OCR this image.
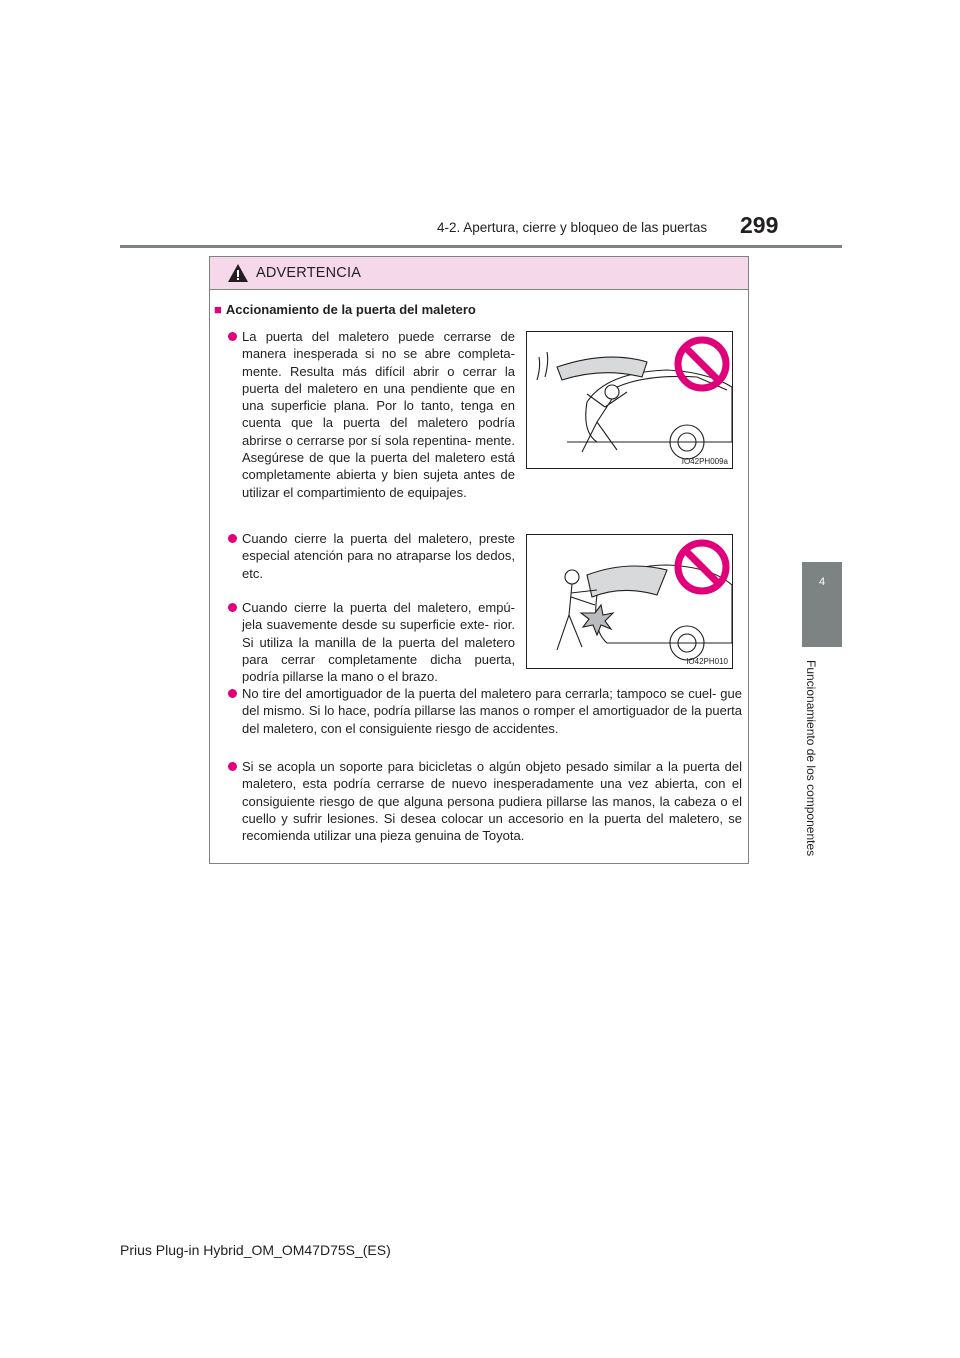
4-2. Apertura, cierre y bloqueo de las puertas 299
4
Funcionamiento de los componentes
ADVERTENCIA
■ Accionamiento de la puerta del maletero
La puerta del maletero puede cerrarse de manera inesperada si no se abre completa- mente. Resulta más difícil abrir o cerrar la puerta del maletero en una pendiente que en una superficie plana. Por lo tanto, tenga en cuenta que la puerta del maletero podría abrirse o cerrarse por sí sola repentina- mente. Asegúrese de que la puerta del maletero está completamente abierta y bien sujeta antes de utilizar el compartimiento de equipajes.
IO42PH009a
Cuando cierre la puerta del maletero, preste especial atención para no atraparse los dedos, etc.
Cuando cierre la puerta del maletero, empú- jela suavemente desde su superficie exte- rior. Si utiliza la manilla de la puerta del maletero para cerrar completamente dicha puerta, podría pillarse la mano o el brazo.
IO42PH010
No tire del amortiguador de la puerta del maletero para cerrarla; tampoco se cuel- gue del mismo. Si lo hace, podría pillarse las manos o romper el amortiguador de la puerta del maletero, con el consiguiente riesgo de accidentes.
Si se acopla un soporte para bicicletas o algún objeto pesado similar a la puerta del maletero, esta podría cerrarse de nuevo inesperadamente una vez abierta, con el consiguiente riesgo de que alguna persona pudiera pillarse las manos, la cabeza o el cuello y sufrir lesiones. Si desea colocar un accesorio en la puerta del maletero, se recomienda utilizar una pieza genuina de Toyota.
Prius Plug-in Hybrid_OM_OM47D75S_(ES)
